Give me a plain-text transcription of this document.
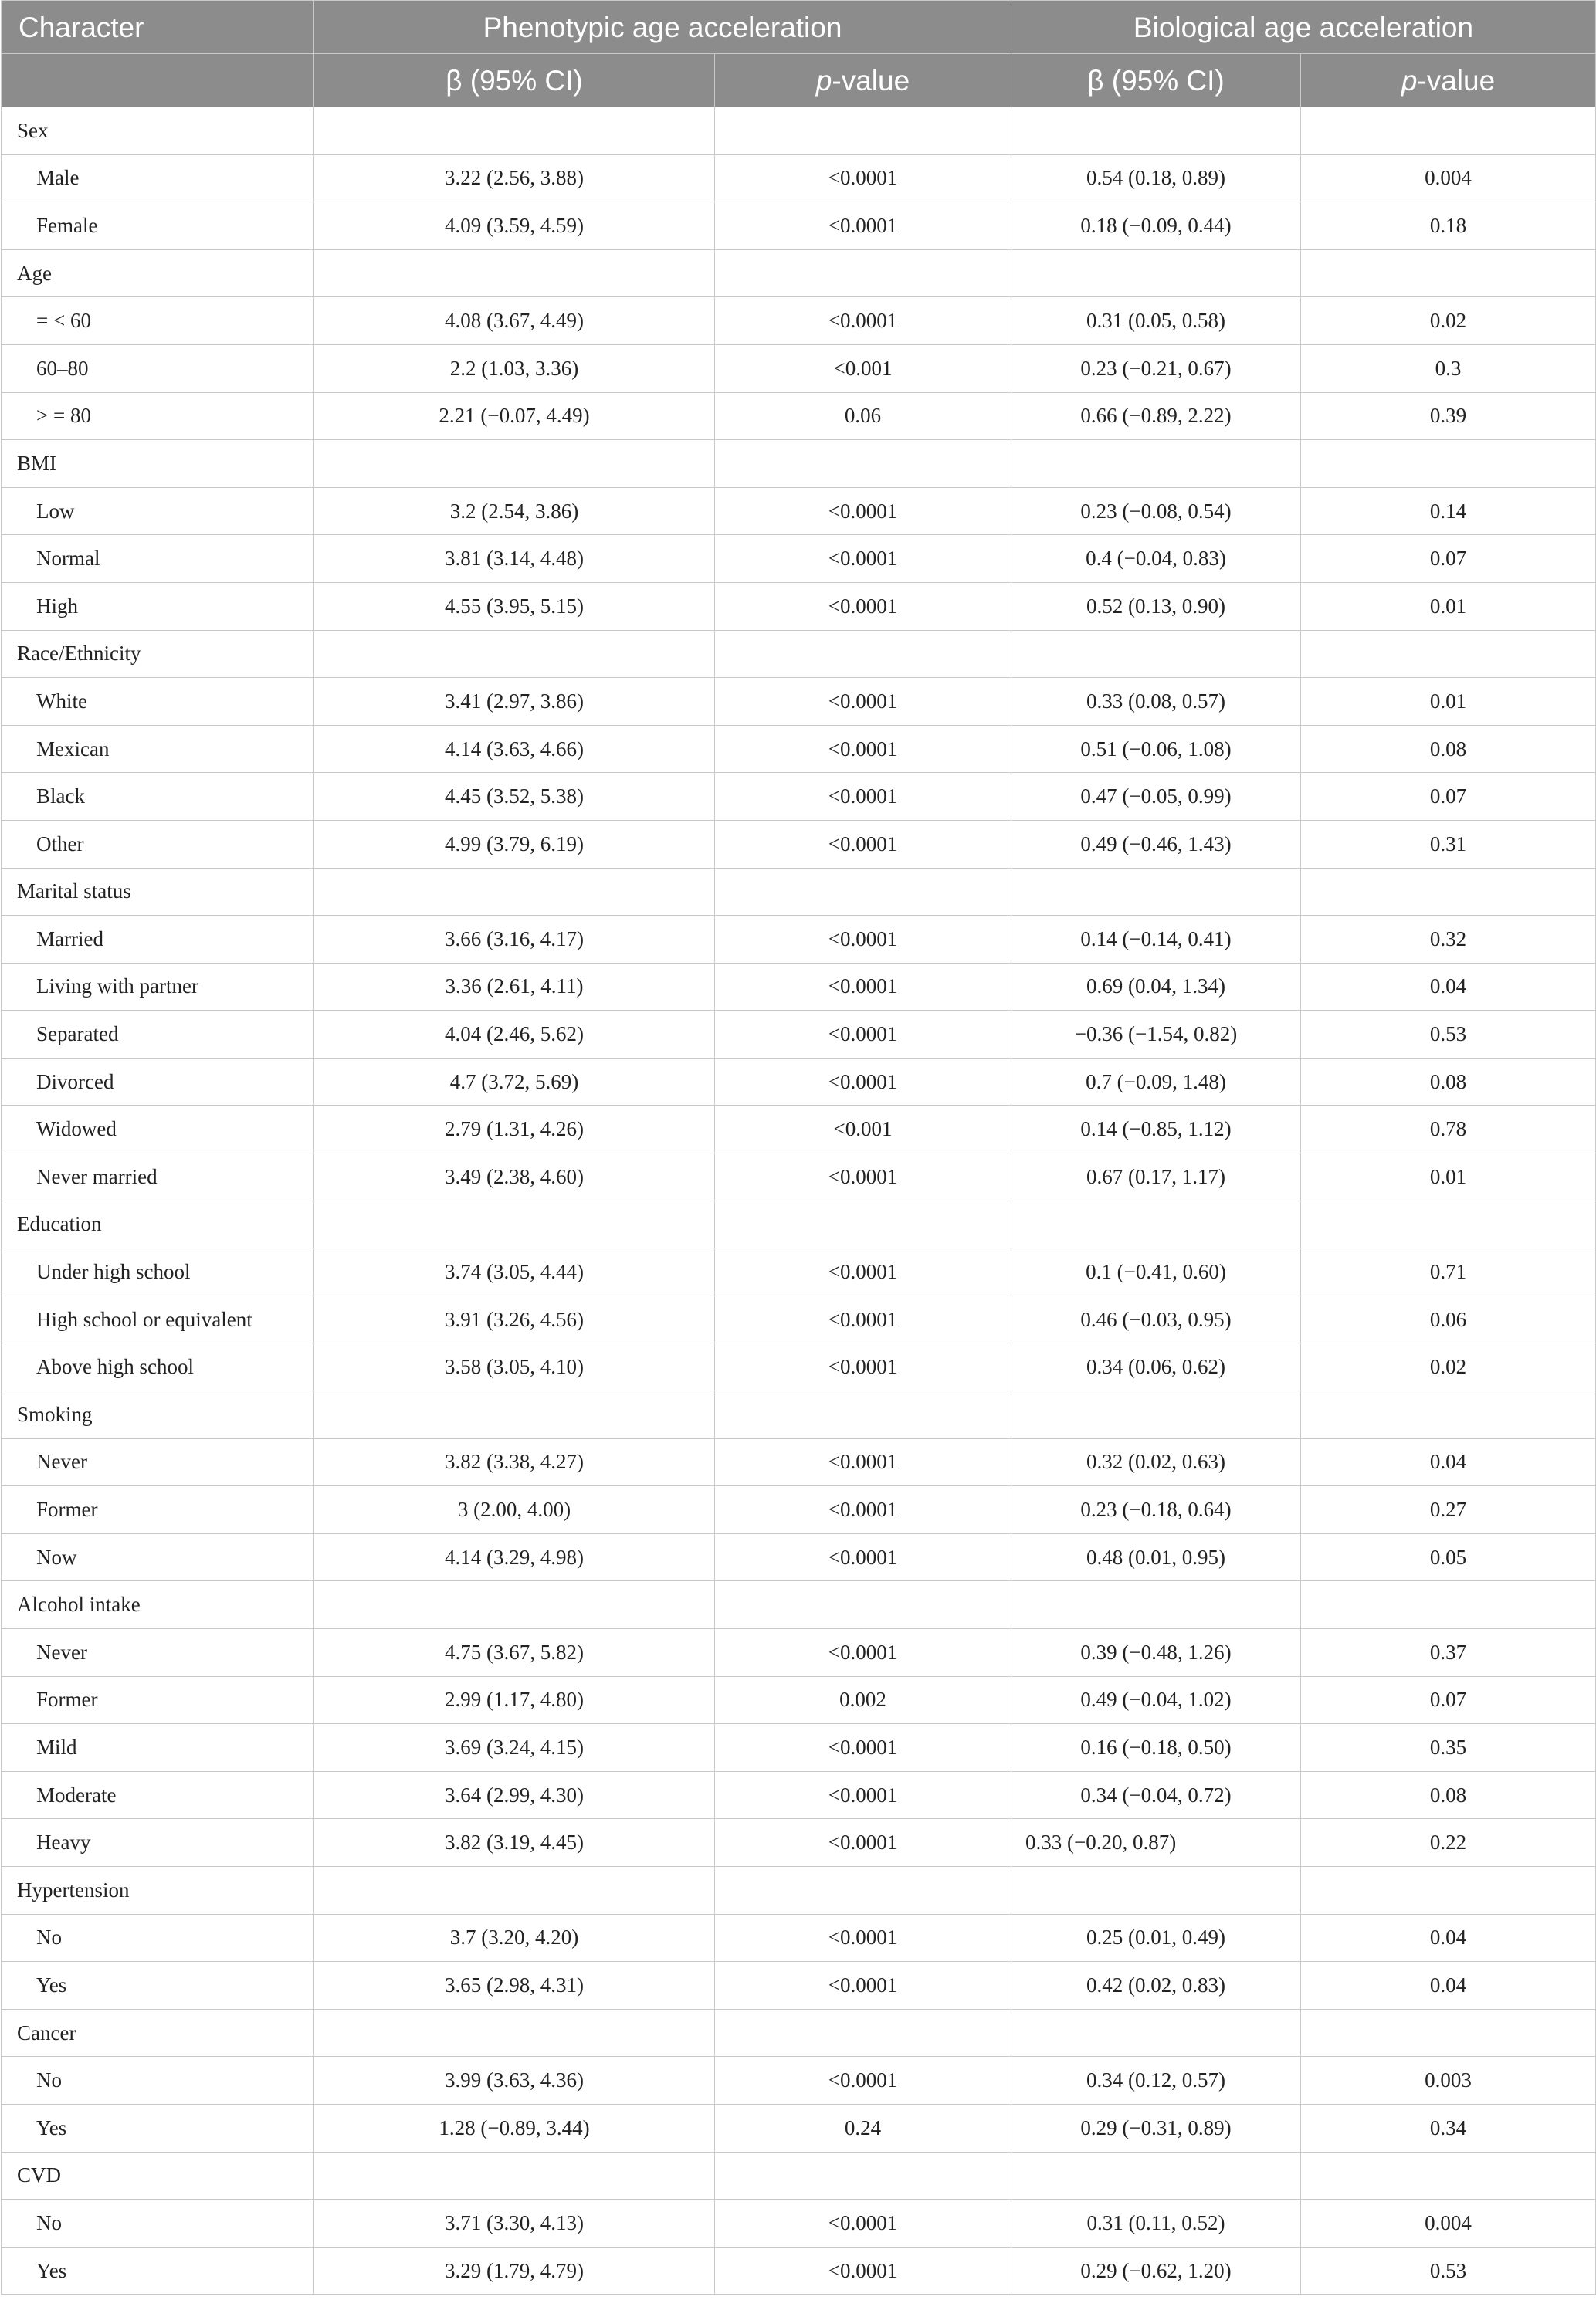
Character	Phenotypic age acceleration		Biological age acceleration	
	β (95% CI)	p-value	β (95% CI)	p-value
Sex				
Male	3.22 (2.56, 3.88)	<0.0001	0.54 (0.18, 0.89)	0.004
Female	4.09 (3.59, 4.59)	<0.0001	0.18 (−0.09, 0.44)	0.18
Age				
= < 60	4.08 (3.67, 4.49)	<0.0001	0.31 (0.05, 0.58)	0.02
60–80	2.2 (1.03, 3.36)	<0.001	0.23 (−0.21, 0.67)	0.3
> = 80	2.21 (−0.07, 4.49)	0.06	0.66 (−0.89, 2.22)	0.39
BMI				
Low	3.2 (2.54, 3.86)	<0.0001	0.23 (−0.08, 0.54)	0.14
Normal	3.81 (3.14, 4.48)	<0.0001	0.4 (−0.04, 0.83)	0.07
High	4.55 (3.95, 5.15)	<0.0001	0.52 (0.13, 0.90)	0.01
Race/Ethnicity				
White	3.41 (2.97, 3.86)	<0.0001	0.33 (0.08, 0.57)	0.01
Mexican	4.14 (3.63, 4.66)	<0.0001	0.51 (−0.06, 1.08)	0.08
Black	4.45 (3.52, 5.38)	<0.0001	0.47 (−0.05, 0.99)	0.07
Other	4.99 (3.79, 6.19)	<0.0001	0.49 (−0.46, 1.43)	0.31
Marital status				
Married	3.66 (3.16, 4.17)	<0.0001	0.14 (−0.14, 0.41)	0.32
Living with partner	3.36 (2.61, 4.11)	<0.0001	0.69 (0.04, 1.34)	0.04
Separated	4.04 (2.46, 5.62)	<0.0001	−0.36 (−1.54, 0.82)	0.53
Divorced	4.7 (3.72, 5.69)	<0.0001	0.7 (−0.09, 1.48)	0.08
Widowed	2.79 (1.31, 4.26)	<0.001	0.14 (−0.85, 1.12)	0.78
Never married	3.49 (2.38, 4.60)	<0.0001	0.67 (0.17, 1.17)	0.01
Education				
Under high school	3.74 (3.05, 4.44)	<0.0001	0.1 (−0.41, 0.60)	0.71
High school or equivalent	3.91 (3.26, 4.56)	<0.0001	0.46 (−0.03, 0.95)	0.06
Above high school	3.58 (3.05, 4.10)	<0.0001	0.34 (0.06, 0.62)	0.02
Smoking				
Never	3.82 (3.38, 4.27)	<0.0001	0.32 (0.02, 0.63)	0.04
Former	3 (2.00, 4.00)	<0.0001	0.23 (−0.18, 0.64)	0.27
Now	4.14 (3.29, 4.98)	<0.0001	0.48 (0.01, 0.95)	0.05
Alcohol intake				
Never	4.75 (3.67, 5.82)	<0.0001	0.39 (−0.48, 1.26)	0.37
Former	2.99 (1.17, 4.80)	0.002	0.49 (−0.04, 1.02)	0.07
Mild	3.69 (3.24, 4.15)	<0.0001	0.16 (−0.18, 0.50)	0.35
Moderate	3.64 (2.99, 4.30)	<0.0001	0.34 (−0.04, 0.72)	0.08
Heavy	3.82 (3.19, 4.45)	<0.0001	0.33 (−0.20, 0.87)	0.22
Hypertension				
No	3.7 (3.20, 4.20)	<0.0001	0.25 (0.01, 0.49)	0.04
Yes	3.65 (2.98, 4.31)	<0.0001	0.42 (0.02, 0.83)	0.04
Cancer				
No	3.99 (3.63, 4.36)	<0.0001	0.34 (0.12, 0.57)	0.003
Yes	1.28 (−0.89, 3.44)	0.24	0.29 (−0.31, 0.89)	0.34
CVD				
No	3.71 (3.30, 4.13)	<0.0001	0.31 (0.11, 0.52)	0.004
Yes	3.29 (1.79, 4.79)	<0.0001	0.29 (−0.62, 1.20)	0.53
